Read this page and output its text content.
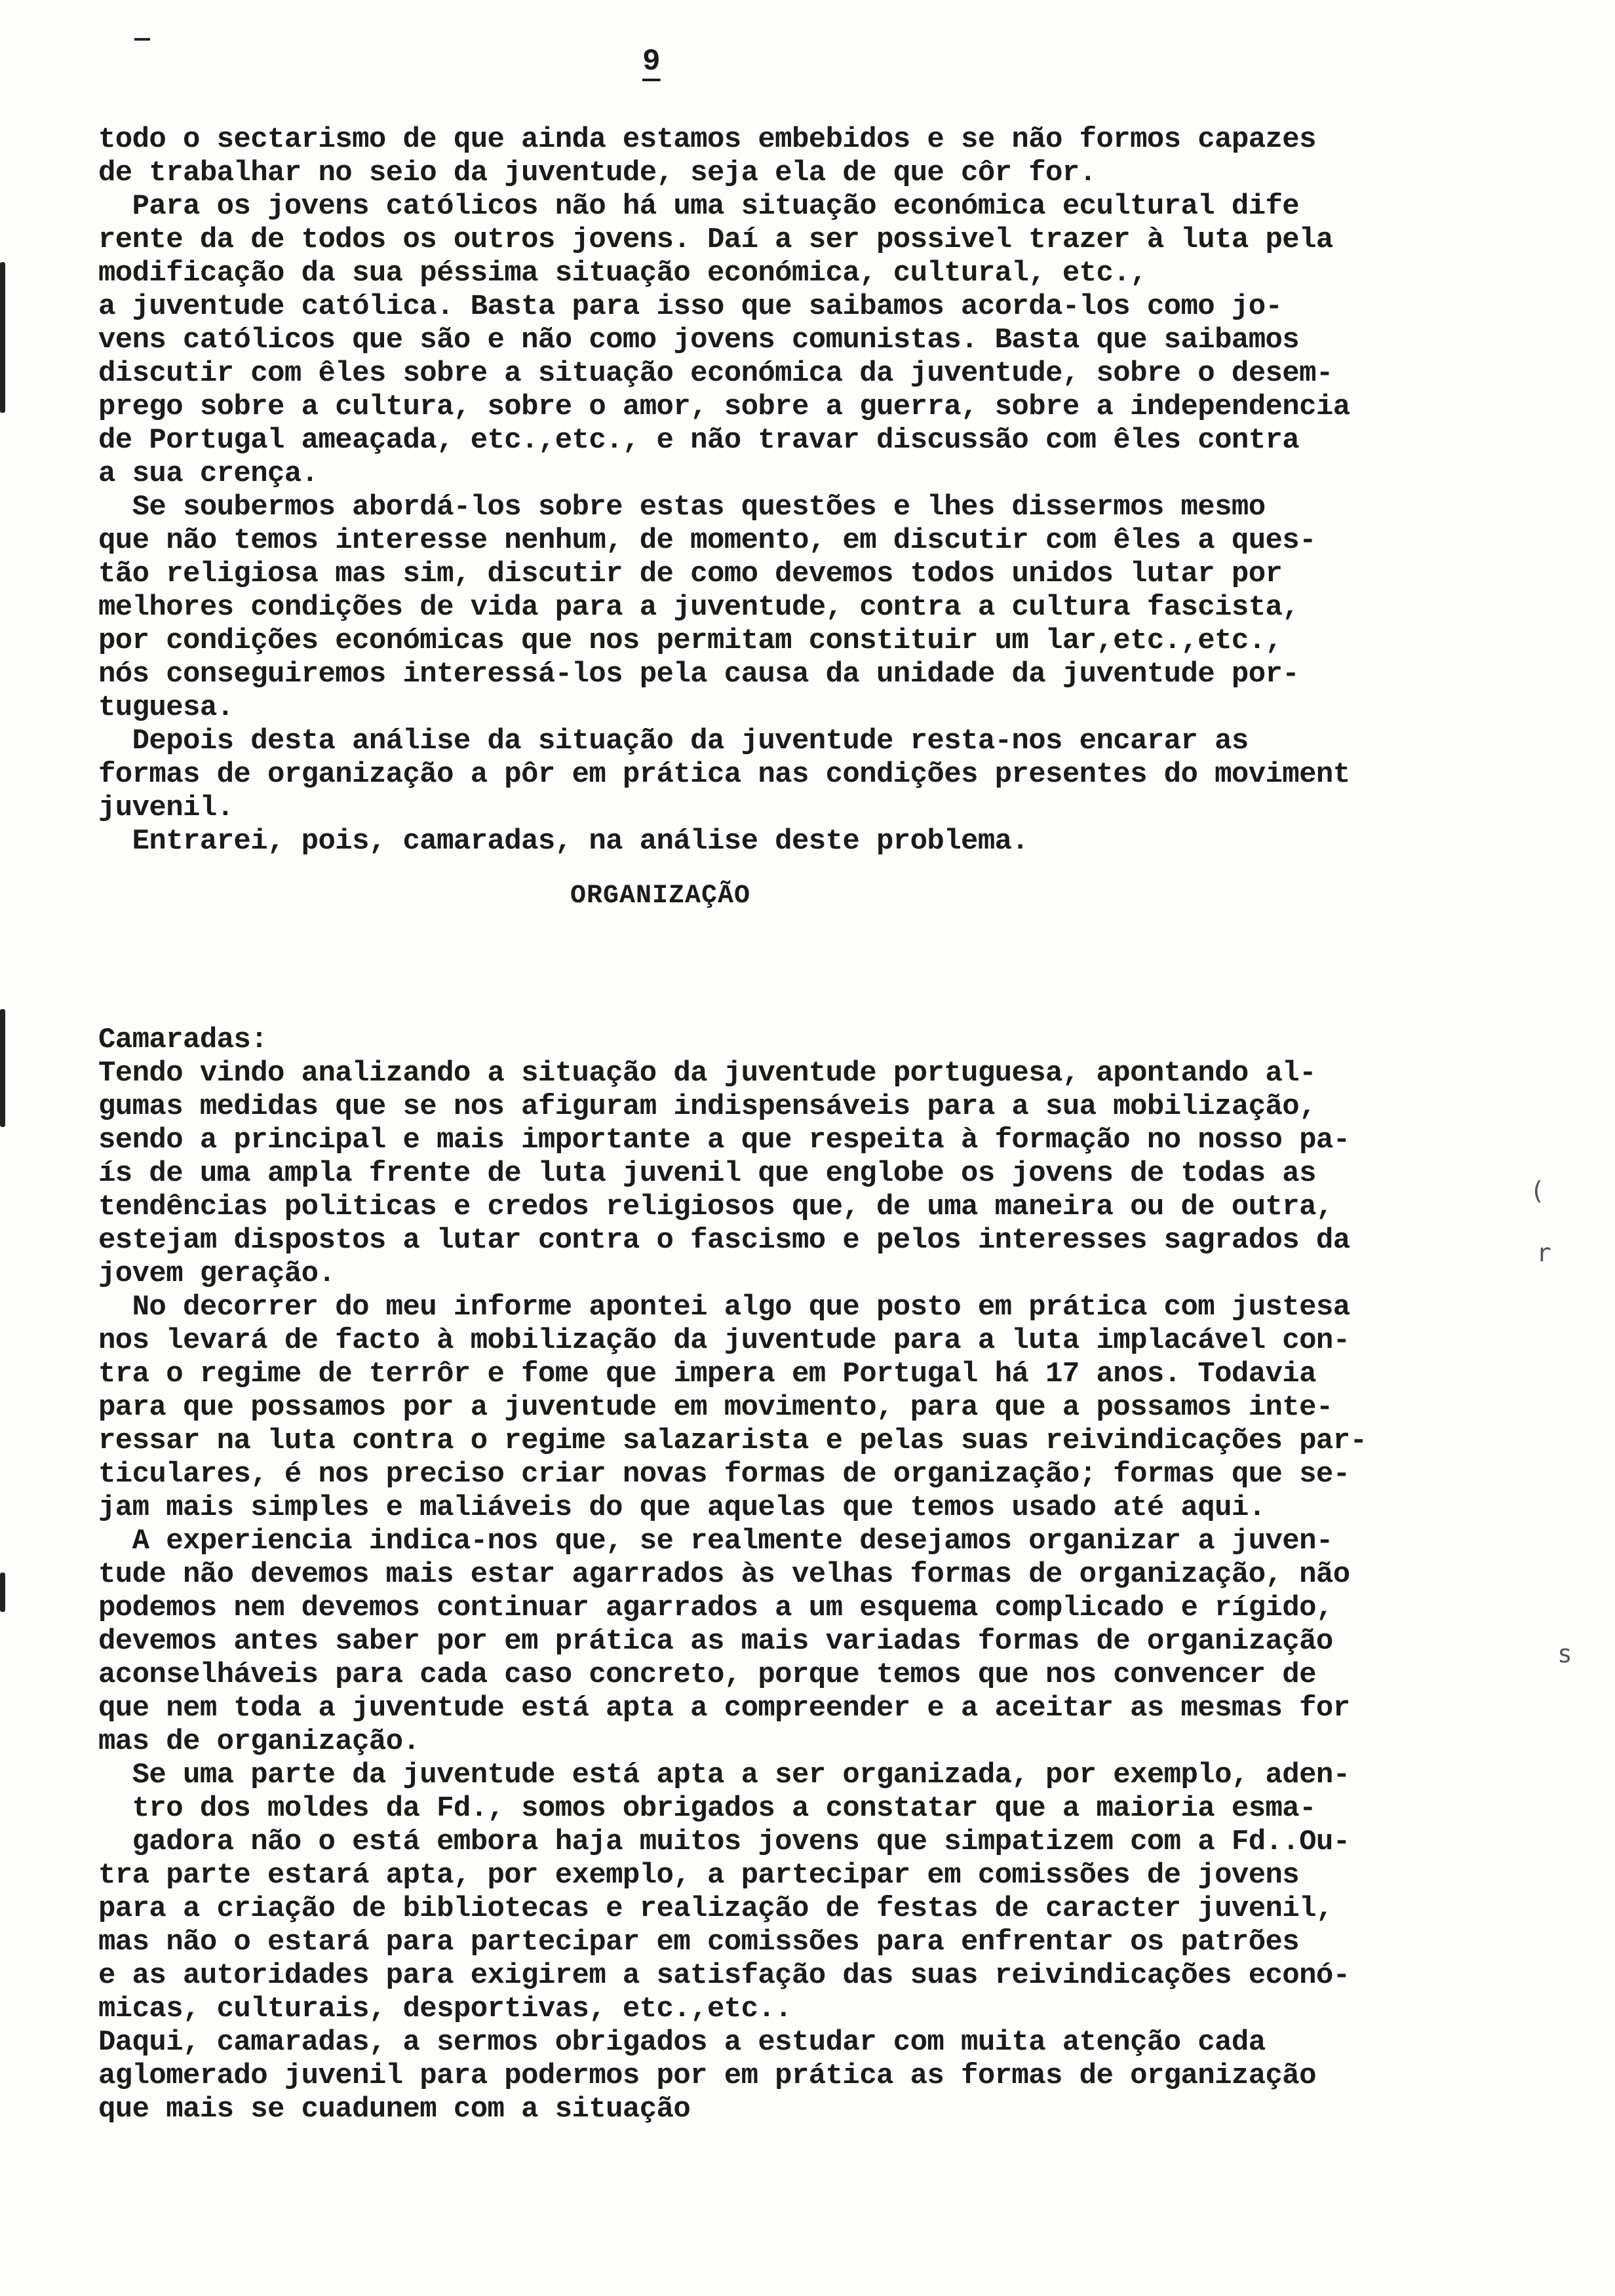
9
todo o sectarismo de que ainda estamos embebidos e se não formos capazes
de trabalhar no seio da juventude, seja ela de que côr for.
Para os jovens católicos não há uma situação económica ecultural dife
rente da de todos os outros jovens. Daí a ser possivel trazer à luta pela
modificação da sua péssima situação económica, cultural, etc.,
a juventude católica. Basta para isso que saibamos acorda-los como jo-
vens católicos que são e não como jovens comunistas. Basta que saibamos
discutir com êles sobre a situação económica da juventude, sobre o desem-
prego sobre a cultura, sobre o amor, sobre a guerra, sobre a independencia
de Portugal ameaçada, etc.,etc., e não travar discussão com êles contra
a sua crença.
Se soubermos abordá-los sobre estas questões e lhes dissermos mesmo
que não temos interesse nenhum, de momento, em discutir com êles a ques-
tão religiosa mas sim, discutir de como devemos todos unidos lutar por
melhores condições de vida para a juventude, contra a cultura fascista,
por condições económicas que nos permitam constituir um lar,etc.,etc.,
nós conseguiremos interessá-los pela causa da unidade da juventude por-
tuguesa.
Depois desta análise da situação da juventude resta-nos encarar as
formas de organização a pôr em prática nas condições presentes do moviment
juvenil.
Entrarei, pois, camaradas, na análise deste problema.
ORGANIZAÇÃO
Camaradas:
Tendo vindo analizando a situação da juventude portuguesa, apontando al-
gumas medidas que se nos afiguram indispensáveis para a sua mobilização,
sendo a principal e mais importante a que respeita à formação no nosso pa-
ís de uma ampla frente de luta juvenil que englobe os jovens de todas as
tendências politicas e credos religiosos que, de uma maneira ou de outra,
estejam dispostos a lutar contra o fascismo e pelos interesses sagrados da
jovem geração.
No decorrer do meu informe apontei algo que posto em prática com justesa
nos levará de facto à mobilização da juventude para a luta implacável con-
tra o regime de terrôr e fome que impera em Portugal há 17 anos. Todavia
para que possamos por a juventude em movimento, para que a possamos inte-
ressar na luta contra o regime salazarista e pelas suas reivindicações par-
ticulares, é nos preciso criar novas formas de organização; formas que se-
jam mais simples e maliáveis do que aquelas que temos usado até aqui.
A experiencia indica-nos que, se realmente desejamos organizar a juven-
tude não devemos mais estar agarrados às velhas formas de organização, não
podemos nem devemos continuar agarrados a um esquema complicado e rígido,
devemos antes saber por em prática as mais variadas formas de organização
aconselháveis para cada caso concreto, porque temos que nos convencer de
que nem toda a juventude está apta a compreender e a aceitar as mesmas for
mas de organização.
Se uma parte da juventude está apta a ser organizada, por exemplo, aden-
tro dos moldes da Fd., somos obrigados a constatar que a maioria esma-
gadora não o está embora haja muitos jovens que simpatizem com a Fd..Ou-
tra parte estará apta, por exemplo, a partecipar em comissões de jovens
para a criação de bibliotecas e realização de festas de caracter juvenil,
mas não o estará para partecipar em comissões para enfrentar os patrões
e as autoridades para exigirem a satisfação das suas reivindicações econó-
micas, culturais, desportivas, etc.,etc..
Daqui, camaradas, a sermos obrigados a estudar com muita atenção cada
aglomerado juvenil para podermos por em prática as formas de organização
que mais se cuadunem com a situação
(
r
s
